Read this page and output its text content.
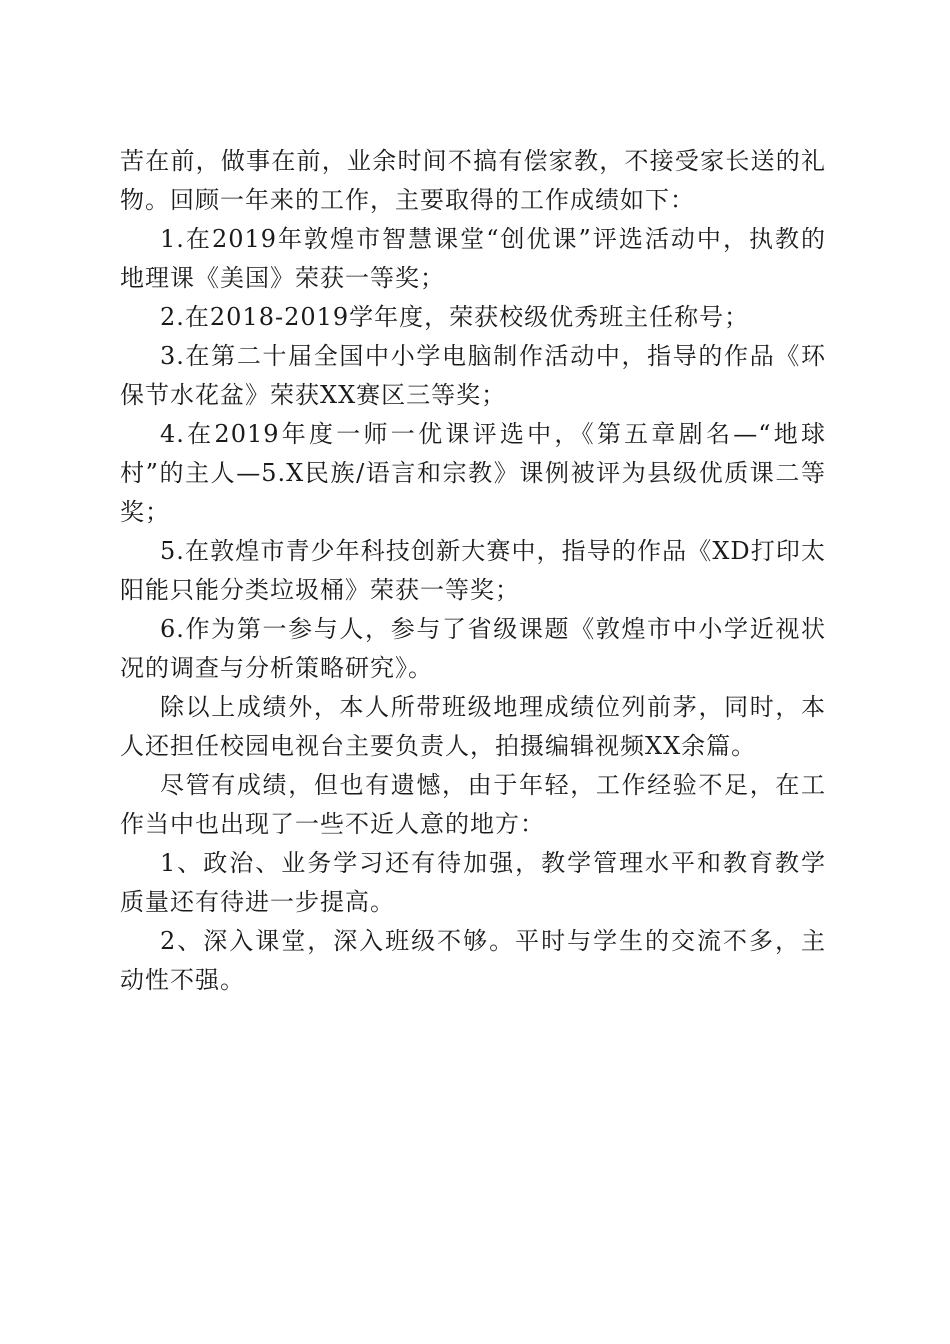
苦在前，做事在前，业余时间不搞有偿家教，不接受家长送的礼物。回顾一年来的工作，主要取得的工作成绩如下：

1.在2019年敦煌市智慧课堂“创优课”评选活动中，执教的地理课《美国》荣获一等奖；

2.在2018-2019学年度，荣获校级优秀班主任称号；

3.在第二十届全国中小学电脑制作活动中，指导的作品《环保节水花盆》荣获XX赛区三等奖；

4.在2019年度一师一优课评选中，《第五章剧名—“地球村”的主人—5.X民族/语言和宗教》课例被评为县级优质课二等奖；

5.在敦煌市青少年科技创新大赛中，指导的作品《XD打印太阳能只能分类垃圾桶》荣获一等奖；

6.作为第一参与人，参与了省级课题《敦煌市中小学近视状况的调查与分析策略研究》。

除以上成绩外，本人所带班级地理成绩位列前茅，同时，本人还担任校园电视台主要负责人，拍摄编辑视频XX余篇。

尽管有成绩，但也有遗憾，由于年轻，工作经验不足，在工作当中也出现了一些不近人意的地方：

1、政治、业务学习还有待加强，教学管理水平和教育教学质量还有待进一步提高。

2、深入课堂，深入班级不够。平时与学生的交流不多，主动性不强。
